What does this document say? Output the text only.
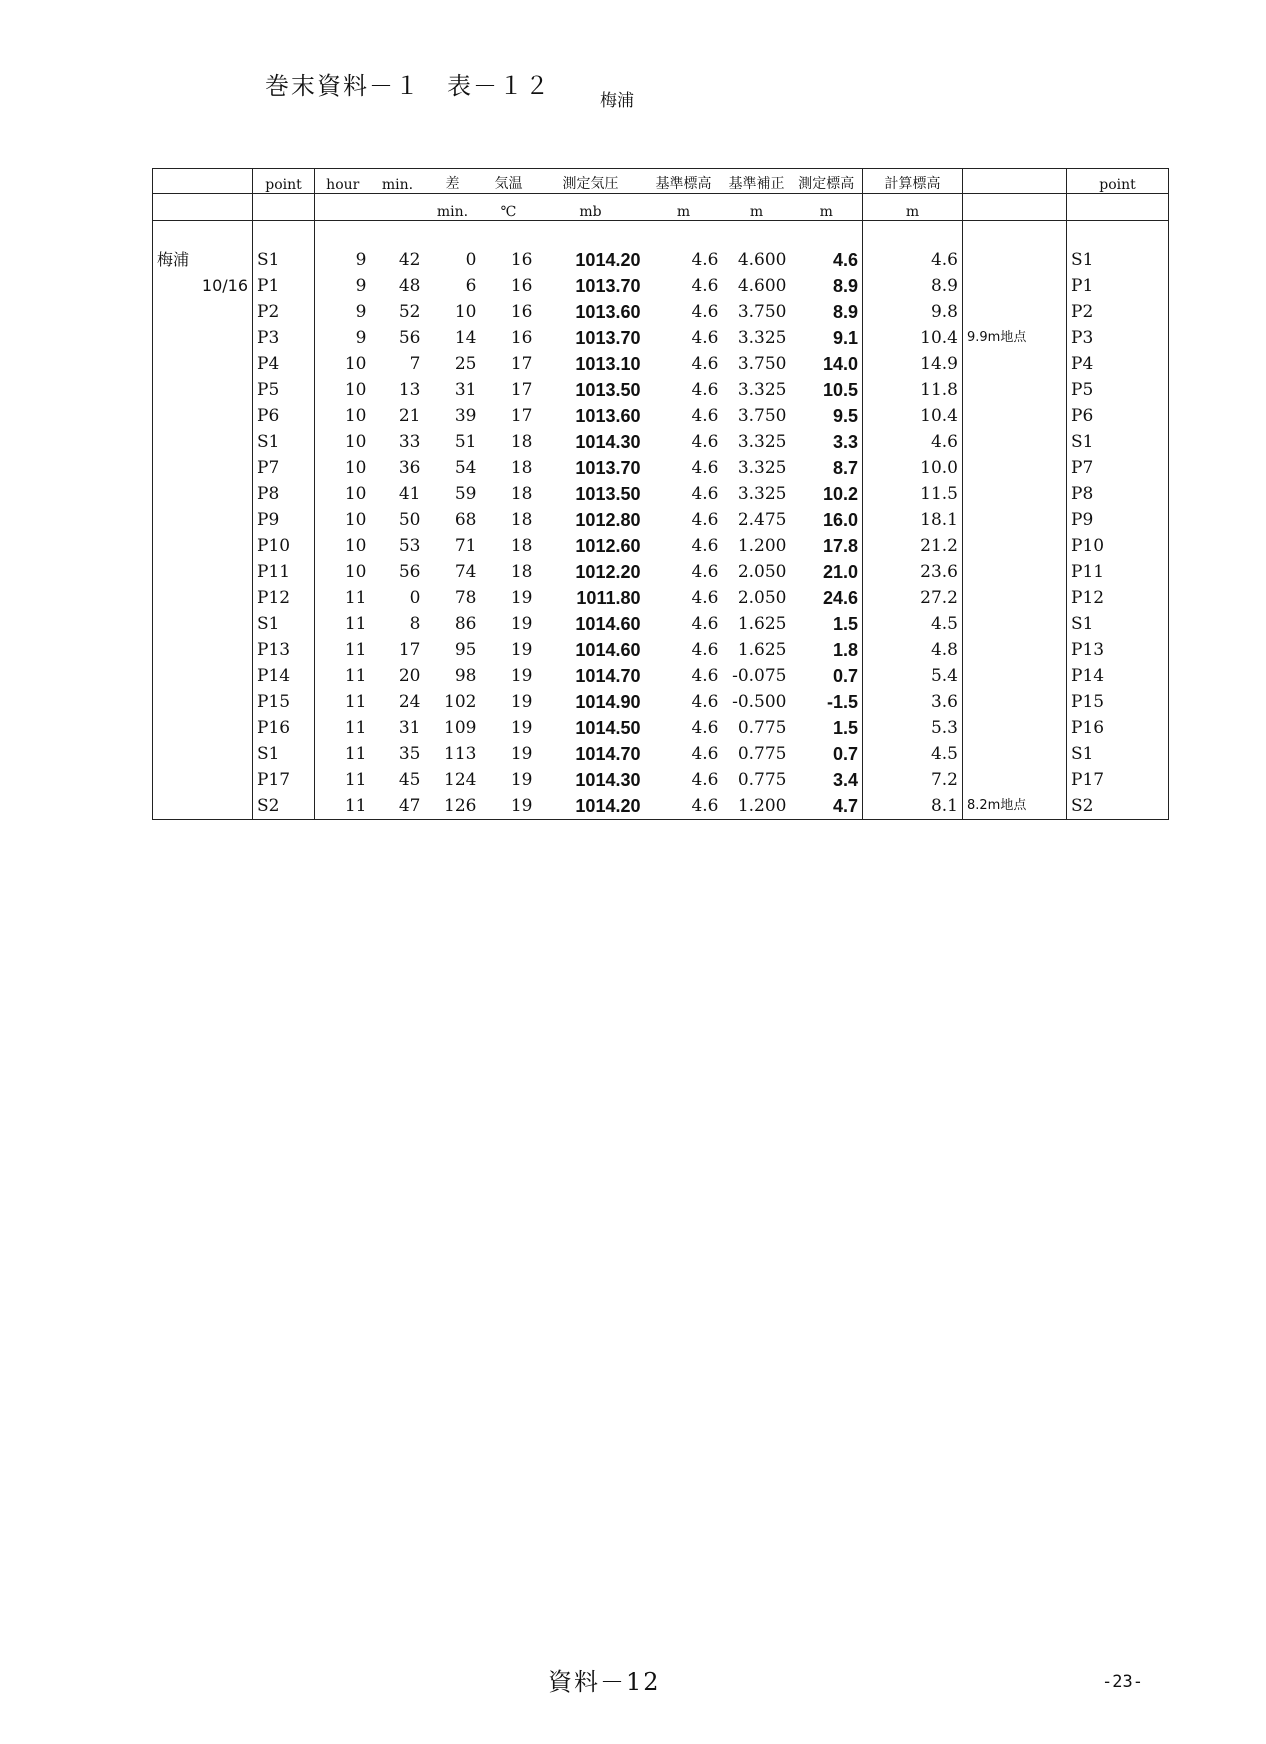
巻末資料－１　表－１２
梅浦
	point	hour	min.	差	気温	測定気圧	基準標高	基準補正	測定標高	計算標高		point
				min.	℃	mb	m	m	m	m		

梅浦	S1	9	42	0	16	1014.20	4.6	4.600	4.6	4.6		S1
10/16	P1	9	48	6	16	1013.70	4.6	4.600	8.9	8.9		P1
	P2	9	52	10	16	1013.60	4.6	3.750	8.9	9.8		P2
	P3	9	56	14	16	1013.70	4.6	3.325	9.1	10.4	9.9m地点	P3
	P4	10	7	25	17	1013.10	4.6	3.750	14.0	14.9		P4
	P5	10	13	31	17	1013.50	4.6	3.325	10.5	11.8		P5
	P6	10	21	39	17	1013.60	4.6	3.750	9.5	10.4		P6
	S1	10	33	51	18	1014.30	4.6	3.325	3.3	4.6		S1
	P7	10	36	54	18	1013.70	4.6	3.325	8.7	10.0		P7
	P8	10	41	59	18	1013.50	4.6	3.325	10.2	11.5		P8
	P9	10	50	68	18	1012.80	4.6	2.475	16.0	18.1		P9
	P10	10	53	71	18	1012.60	4.6	1.200	17.8	21.2		P10
	P11	10	56	74	18	1012.20	4.6	2.050	21.0	23.6		P11
	P12	11	0	78	19	1011.80	4.6	2.050	24.6	27.2		P12
	S1	11	8	86	19	1014.60	4.6	1.625	1.5	4.5		S1
	P13	11	17	95	19	1014.60	4.6	1.625	1.8	4.8		P13
	P14	11	20	98	19	1014.70	4.6	-0.075	0.7	5.4		P14
	P15	11	24	102	19	1014.90	4.6	-0.500	-1.5	3.6		P15
	P16	11	31	109	19	1014.50	4.6	0.775	1.5	5.3		P16
	S1	11	35	113	19	1014.70	4.6	0.775	0.7	4.5		S1
	P17	11	45	124	19	1014.30	4.6	0.775	3.4	7.2		P17
	S2	11	47	126	19	1014.20	4.6	1.200	4.7	8.1	8.2m地点	S2
資料－12	-23-
